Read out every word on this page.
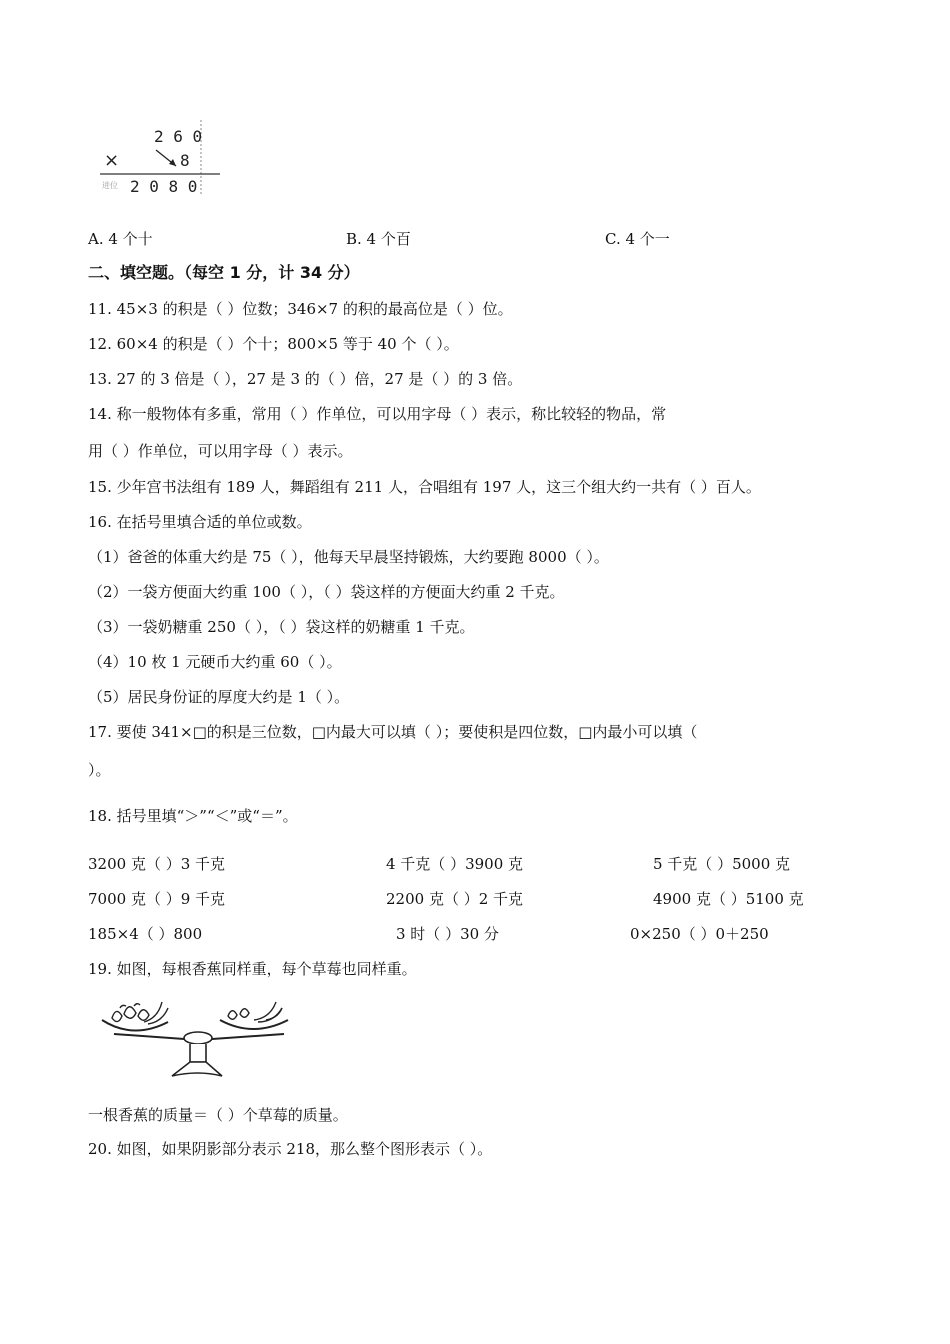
2 6 0
×	8
进位 2 0 8 0
A. 4 个十	B. 4 个百	C. 4 个一
二、填空题。（每空 1 分，计 34 分）
11. 45×3 的积是（ ）位数；346×7 的积的最高位是（ ）位。
12. 60×4 的积是（ ）个十；800×5 等于 40 个（ ）。
13. 27 的 3 倍是（ ），27 是 3 的（ ）倍，27 是（ ）的 3 倍。
14. 称一般物体有多重，常用（ ）作单位，可以用字母（ ）表示，称比较轻的物品，常
用（ ）作单位，可以用字母（ ）表示。
15. 少年宫书法组有 189 人，舞蹈组有 211 人，合唱组有 197 人，这三个组大约一共有（ ）百人。
16. 在括号里填合适的单位或数。
（1）爸爸的体重大约是 75（ ），他每天早晨坚持锻炼，大约要跑 8000（ ）。
（2）一袋方便面大约重 100（ ），（ ）袋这样的方便面大约重 2 千克。
（3）一袋奶糖重 250（ ），（ ）袋这样的奶糖重 1 千克。
（4）10 枚 1 元硬币大约重 60（ ）。
（5）居民身份证的厚度大约是 1（ ）。
17. 要使 341×□的积是三位数，□内最大可以填（ ）；要使积是四位数，□内最小可以填（
）。
18. 括号里填“＞”“＜”或“＝”。
3200 克（ ）3 千克	4 千克（ ）3900 克	5 千克（ ）5000 克
7000 克（ ）9 千克	2200 克（ ）2 千克	4900 克（ ）5100 克
185×4（ ）800	3 时（ ）30 分	0×250（ ）0＋250
19. 如图，每根香蕉同样重，每个草莓也同样重。
一根香蕉的质量＝（ ）个草莓的质量。
20. 如图，如果阴影部分表示 218，那么整个图形表示（ ）。
